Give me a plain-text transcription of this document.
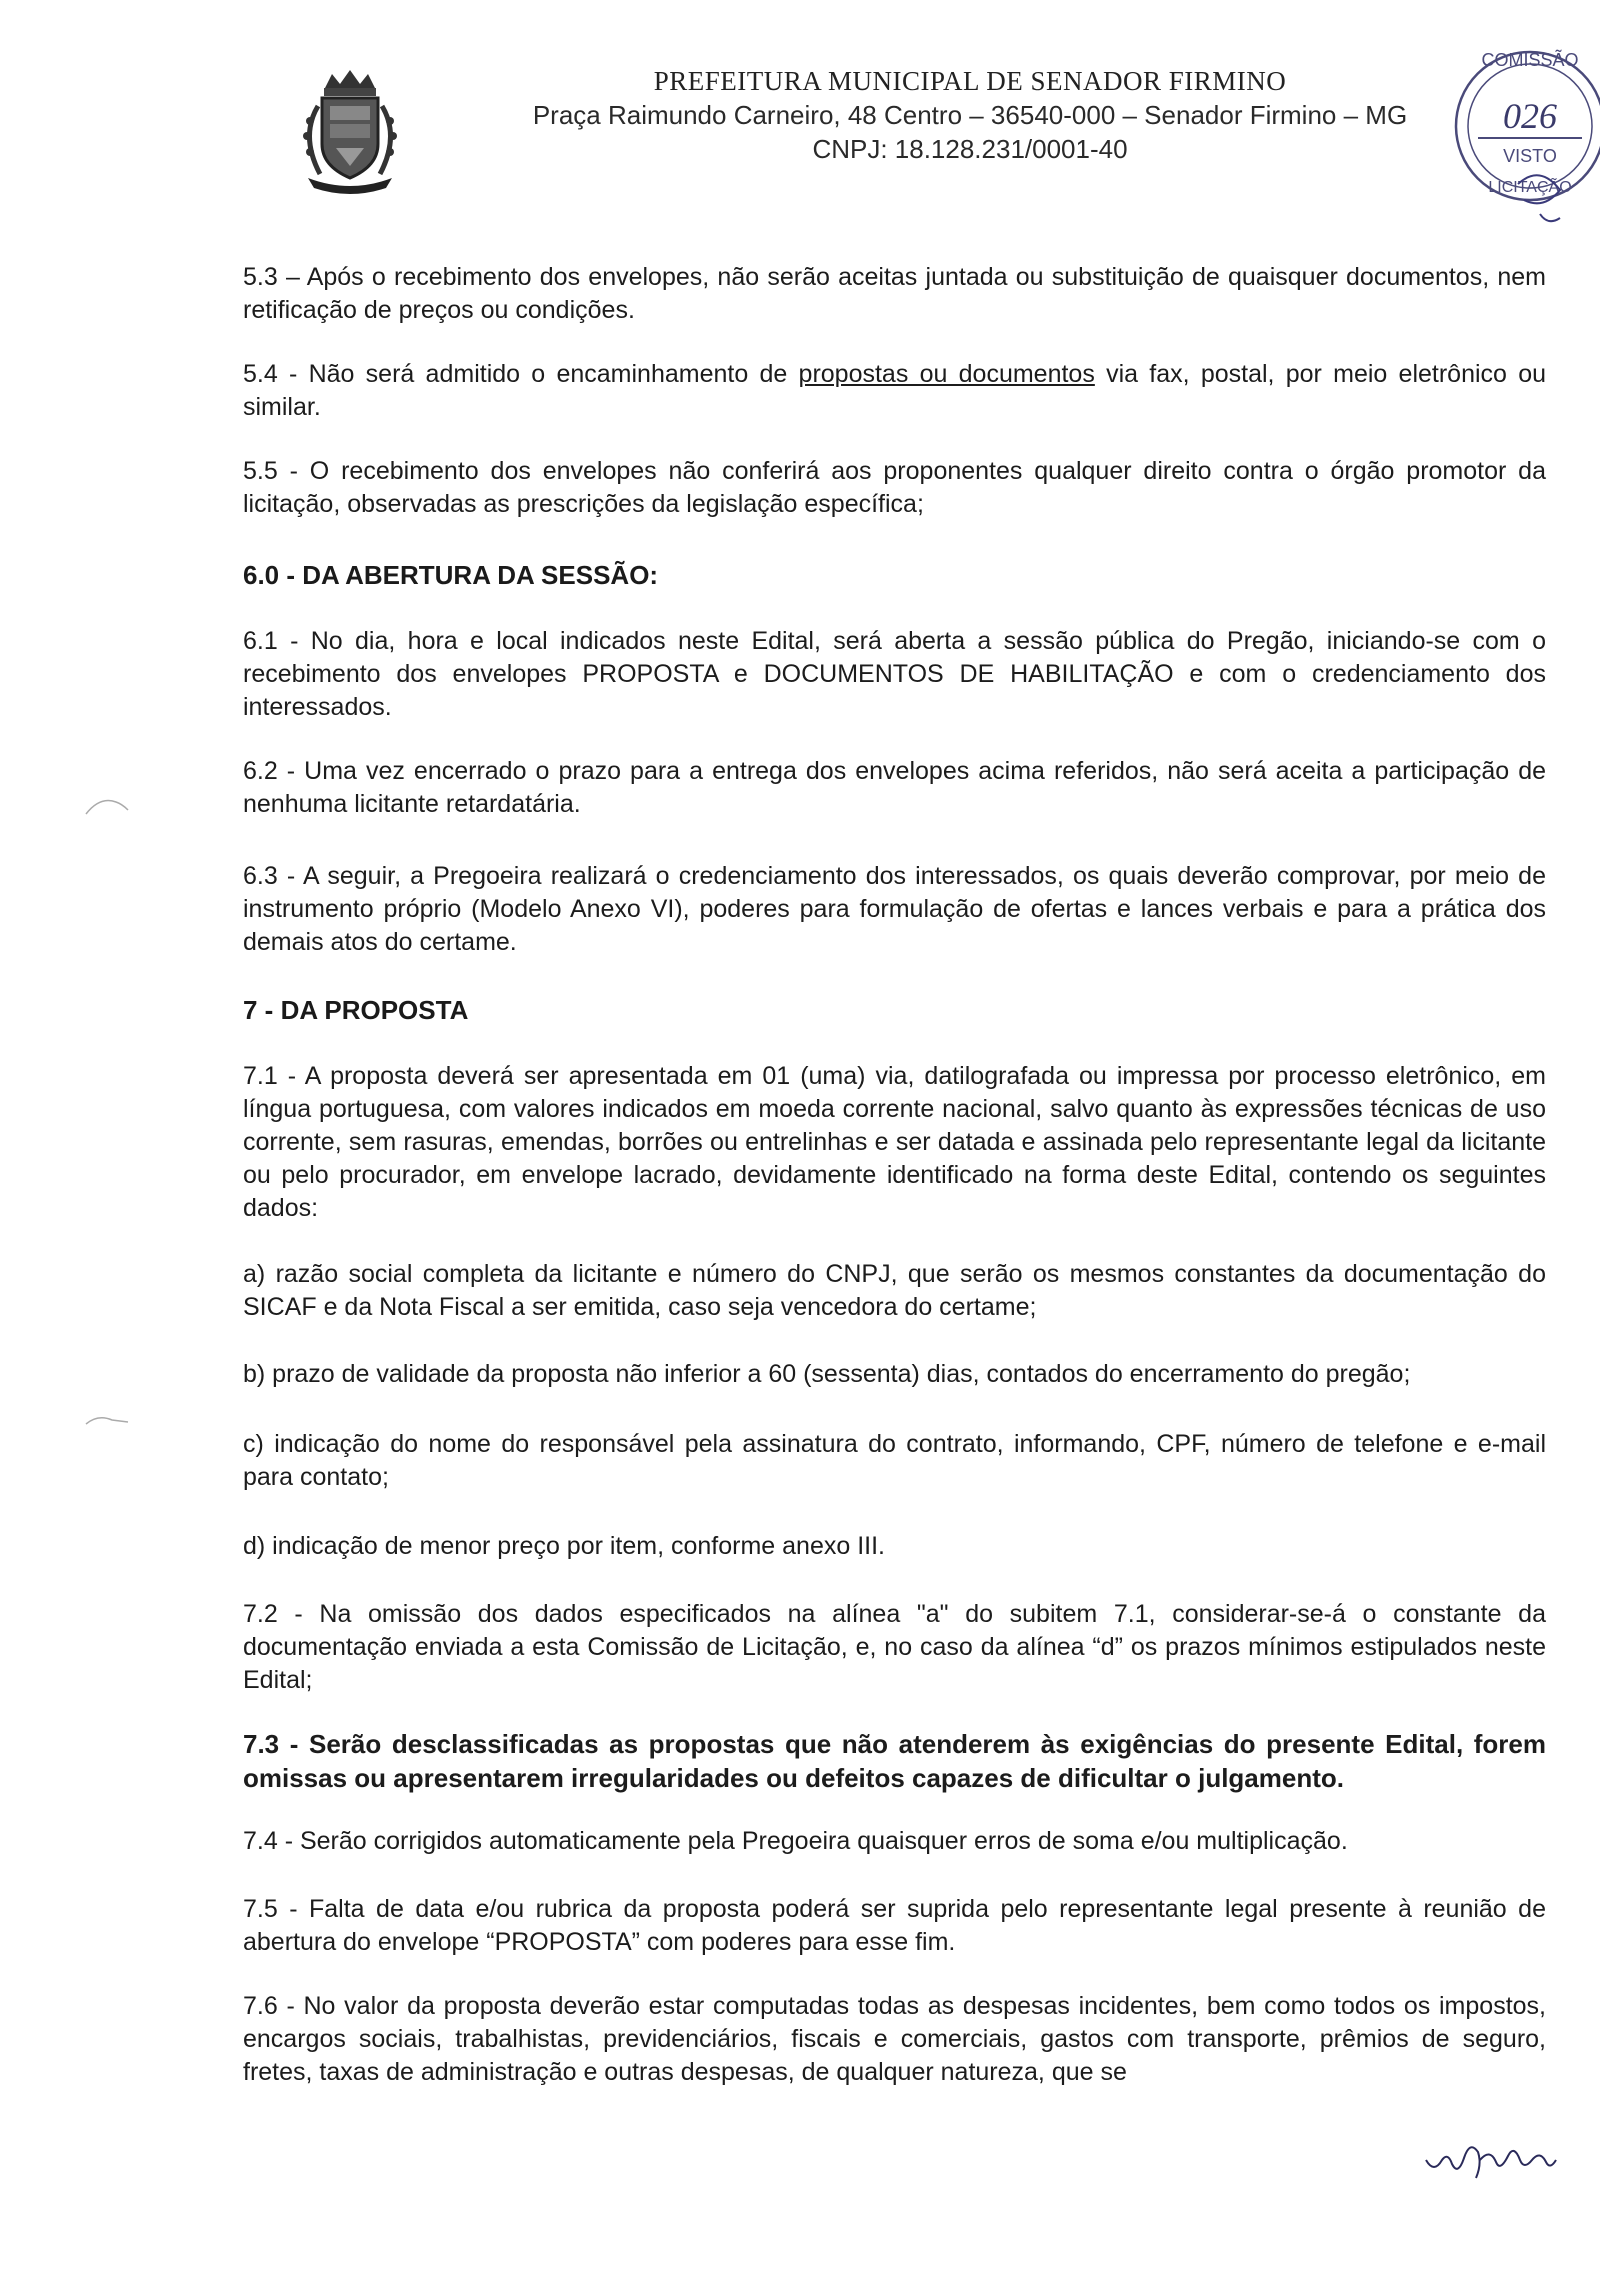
PREFEITURA MUNICIPAL DE SENADOR FIRMINO
Praça Raimundo Carneiro, 48 Centro – 36540-000 – Senador Firmino – MG
CNPJ: 18.128.231/0001-40
COMISSÃO
026
VISTO
LICITAÇÃO

5.3 – Após o recebimento dos envelopes, não serão aceitas juntada ou substituição de quaisquer documentos, nem retificação de preços ou condições.

5.4 - Não será admitido o encaminhamento de propostas ou documentos via fax, postal, por meio eletrônico ou similar.

5.5 - O recebimento dos envelopes não conferirá aos proponentes qualquer direito contra o órgão promotor da licitação, observadas as prescrições da legislação específica;

6.0 - DA ABERTURA DA SESSÃO:

6.1 - No dia, hora e local indicados neste Edital, será aberta a sessão pública do Pregão, iniciando-se com o recebimento dos envelopes PROPOSTA e DOCUMENTOS DE HABILITAÇÃO e com o credenciamento dos interessados.

6.2 - Uma vez encerrado o prazo para a entrega dos envelopes acima referidos, não será aceita a participação de nenhuma licitante retardatária.

6.3 - A seguir, a Pregoeira realizará o credenciamento dos interessados, os quais deverão comprovar, por meio de instrumento próprio (Modelo Anexo VI), poderes para formulação de ofertas e lances verbais e para a prática dos demais atos do certame.

7 - DA PROPOSTA

7.1 - A proposta deverá ser apresentada em 01 (uma) via, datilografada ou impressa por processo eletrônico, em língua portuguesa, com valores indicados em moeda corrente nacional, salvo quanto às expressões técnicas de uso corrente, sem rasuras, emendas, borrões ou entrelinhas e ser datada e assinada pelo representante legal da licitante ou pelo procurador, em envelope lacrado, devidamente identificado na forma deste Edital, contendo os seguintes dados:

a) razão social completa da licitante e número do CNPJ, que serão os mesmos constantes da documentação do SICAF e da Nota Fiscal a ser emitida, caso seja vencedora do certame;

b) prazo de validade da proposta não inferior a 60 (sessenta) dias, contados do encerramento do pregão;

c) indicação do nome do responsável pela assinatura do contrato, informando, CPF, número de telefone e e-mail para contato;

d) indicação de menor preço por item, conforme anexo III.

7.2 - Na omissão dos dados especificados na alínea "a" do subitem 7.1, considerar-se-á o constante da documentação enviada a esta Comissão de Licitação, e, no caso da alínea “d” os prazos mínimos estipulados neste Edital;

7.3 - Serão desclassificadas as propostas que não atenderem às exigências do presente Edital, forem omissas ou apresentarem irregularidades ou defeitos capazes de dificultar o julgamento.

7.4 - Serão corrigidos automaticamente pela Pregoeira quaisquer erros de soma e/ou multiplicação.

7.5 - Falta de data e/ou rubrica da proposta poderá ser suprida pelo representante legal presente à reunião de abertura do envelope “PROPOSTA” com poderes para esse fim.

7.6 - No valor da proposta deverão estar computadas todas as despesas incidentes, bem como todos os impostos, encargos sociais, trabalhistas, previdenciários, fiscais e comerciais, gastos com transporte, prêmios de seguro, fretes, taxas de administração e outras despesas, de qualquer natureza, que se
